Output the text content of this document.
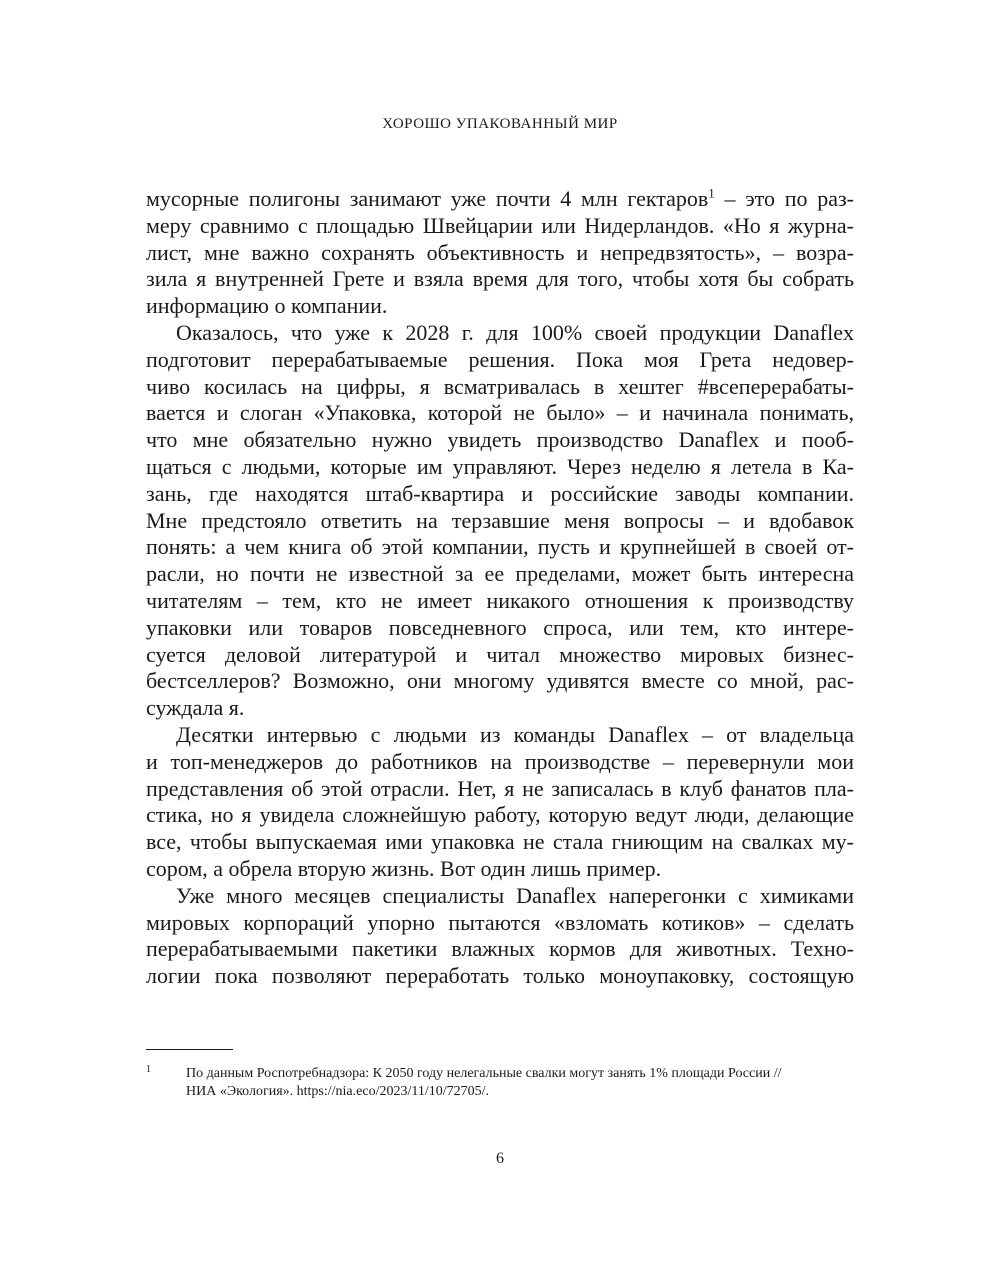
ХОРОШО УПАКОВАННЫЙ МИР
мусорные полигоны занимают уже почти 4 млн гектаров$^1$ – это по раз-
меру сравнимо с площадью Швейцарии или Нидерландов. «Но я журна-
лист, мне важно сохранять объективность и непредвзятость», – возра-
зила я внутренней Грете и взяла время для того, чтобы хотя бы собрать
информацию о компании.
Оказалось, что уже к 2028 г. для 100% своей продукции Danaflex
подготовит перерабатываемые решения. Пока моя Грета недовер-
чиво косилась на цифры, я всматривалась в хештег #всеперерабаты-
вается и слоган «Упаковка, которой не было» – и начинала понимать,
что мне обязательно нужно увидеть производство Danaflex и пооб-
щаться с людьми, которые им управляют. Через неделю я летела в Ка-
зань, где находятся штаб-квартира и российские заводы компании.
Мне предстояло ответить на терзавшие меня вопросы – и вдобавок
понять: а чем книга об этой компании, пусть и крупнейшей в своей от-
расли, но почти не известной за ее пределами, может быть интересна
читателям – тем, кто не имеет никакого отношения к производству
упаковки или товаров повседневного спроса, или тем, кто интере-
суется деловой литературой и читал множество мировых бизнес-
бестселлеров? Возможно, они многому удивятся вместе со мной, рас-
суждала я.
Десятки интервью с людьми из команды Danaflex – от владельца
и топ-менеджеров до работников на производстве – перевернули мои
представления об этой отрасли. Нет, я не записалась в клуб фанатов пла-
стика, но я увидела сложнейшую работу, которую ведут люди, делающие
все, чтобы выпускаемая ими упаковка не стала гниющим на свалках му-
сором, а обрела вторую жизнь. Вот один лишь пример.
Уже много месяцев специалисты Danaflex наперегонки с химиками
мировых корпораций упорно пытаются «взломать котиков» – сделать
перерабатываемыми пакетики влажных кормов для животных. Техно-
логии пока позволяют переработать только моноупаковку, состоящую
1	По данным Роспотребнадзора: К 2050 году нелегальные свалки могут занять 1% площади России //
НИА «Экология». https://nia.eco/2023/11/10/72705/.
6
